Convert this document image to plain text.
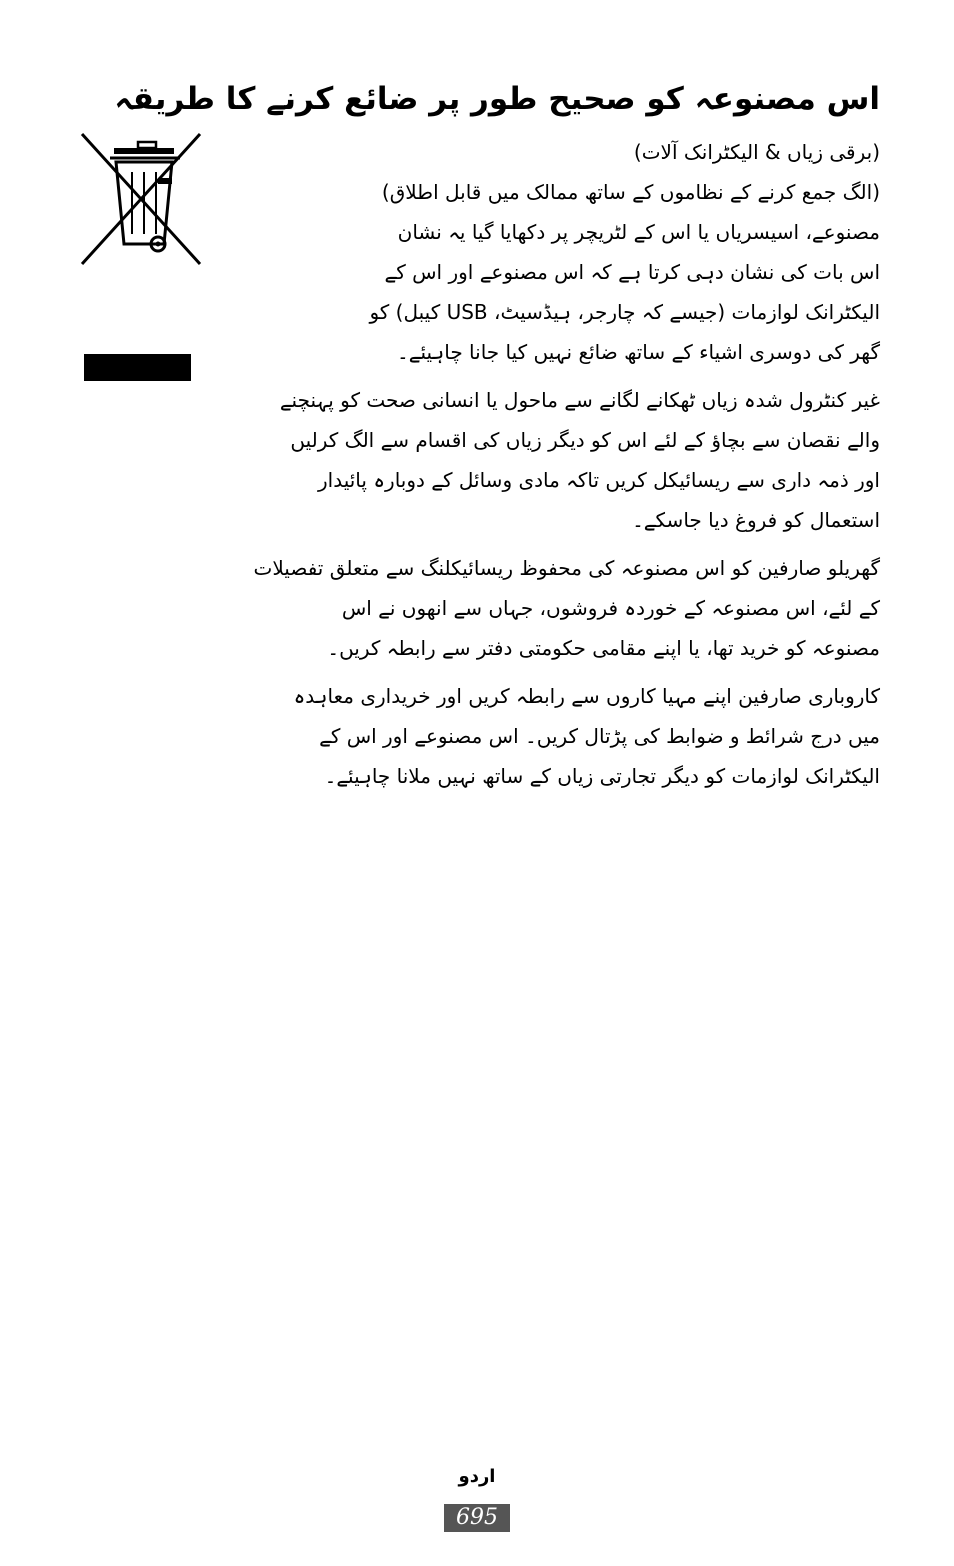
اس مصنوعہ کو صحیح طور پر ضائع کرنے کا طریقہ

(برقی زیاں & الیکٹرانک آلات)

(الگ جمع کرنے کے نظاموں کے ساتھ ممالک میں قابل اطلاق)

مصنوعے، اسیسریاں یا اس کے لٹریچر پر دکھایا گیا یہ نشان

اس بات کی نشان دہی کرتا ہے کہ اس مصنوعے اور اس کے

الیکٹرانک لوازمات (جیسے کہ چارجر، ہیڈسیٹ، USB کیبل) کو

گھر کی دوسری اشیاء کے ساتھ ضائع نہیں کیا جانا چاہیئے۔

غیر کنٹرول شدہ زیاں ٹھکانے لگانے سے ماحول یا انسانی صحت کو پہنچنے

والے نقصان سے بچاؤ کے لئے اس کو دیگر زیاں کی اقسام سے الگ کرلیں

اور ذمہ داری سے ریسائیکل کریں تاکہ مادی وسائل کے دوبارہ پائیدار

استعمال کو فروغ دیا جاسکے۔

گھریلو صارفین کو اس مصنوعہ کی محفوظ ریسائیکلنگ سے متعلق تفصیلات

کے لئے، اس مصنوعہ کے خوردہ فروشوں، جہاں سے انھوں نے اس

مصنوعہ کو خرید تھا، یا اپنے مقامی حکومتی دفتر سے رابطہ کریں۔

کاروباری صارفین اپنے مہیا کاروں سے رابطہ کریں اور خریداری معاہدہ

میں درج شرائط و ضوابط کی پڑتال کریں۔ اس مصنوعے اور اس کے

الیکٹرانک لوازمات کو دیگر تجارتی زیاں کے ساتھ نہیں ملانا چاہیئے۔

اردو
695
